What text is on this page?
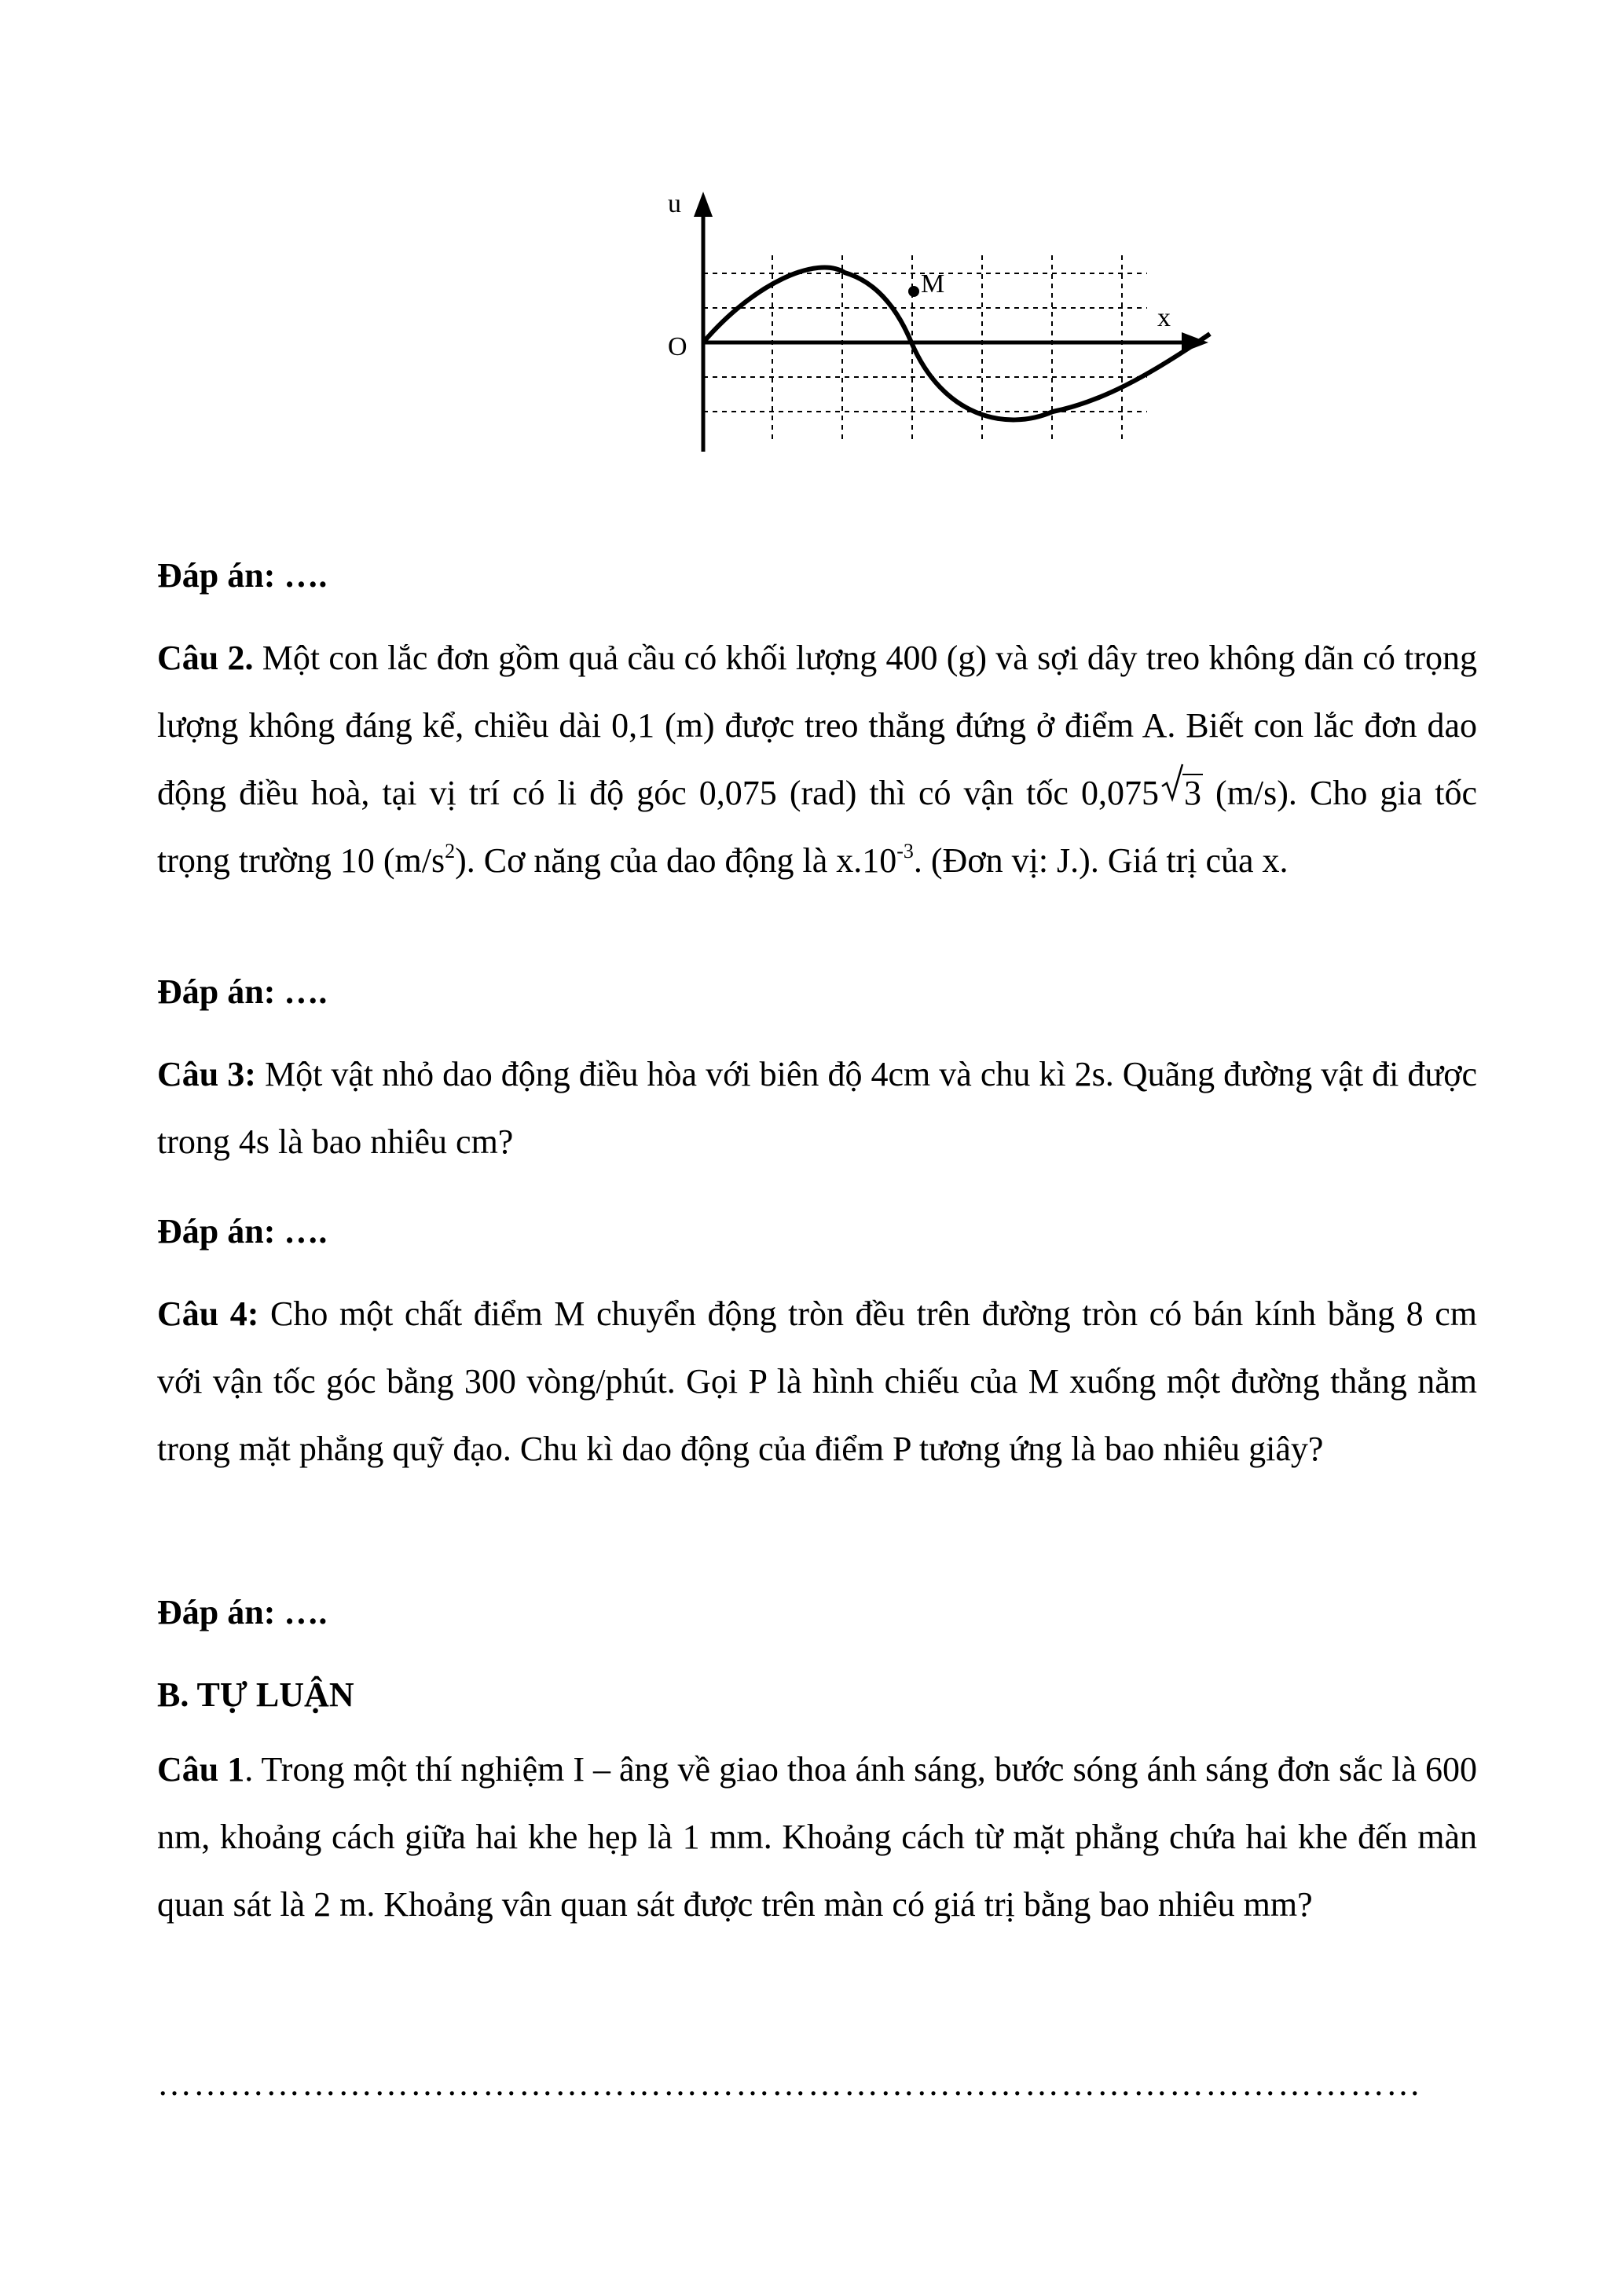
u
x
O
M
Đáp án: ….
Câu 2. Một con lắc đơn gồm quả cầu có khối lượng 400 (g) và sợi dây treo không dãn có trọng lượng không đáng kể, chiều dài 0,1 (m) được treo thẳng đứng ở điểm A. Biết con lắc đơn dao động điều hoà, tại vị trí có li độ góc 0,075 (rad) thì có vận tốc 0,075 3 (m/s). Cho gia tốc trọng trường 10 $(m/s^2)$. Cơ năng của dao động là $x.10^{-3}$. (Đơn vị: J.). Giá trị của x.
Đáp án: ….
Câu 3: Một vật nhỏ dao động điều hòa với biên độ 4cm và chu kì 2s. Quãng đường vật đi được trong 4s là bao nhiêu cm?
Đáp án: ….
Câu 4: Cho một chất điểm M chuyển động tròn đều trên đường tròn có bán kính bằng 8 cm với vận tốc góc bằng 300 vòng/phút. Gọi P là hình chiếu của M xuống một đường thẳng nằm trong mặt phẳng quỹ đạo. Chu kì dao động của điểm P tương ứng là bao nhiêu giây?
Đáp án: ….
B. TỰ LUẬN
Câu 1. Trong một thí nghiệm I – âng về giao thoa ánh sáng, bước sóng ánh sáng đơn sắc là 600 nm, khoảng cách giữa hai khe hẹp là 1 mm. Khoảng cách từ mặt phẳng chứa hai khe đến màn quan sát là 2 m. Khoảng vân quan sát được trên màn có giá trị bằng bao nhiêu mm?
……………………………………………………………………………………………
